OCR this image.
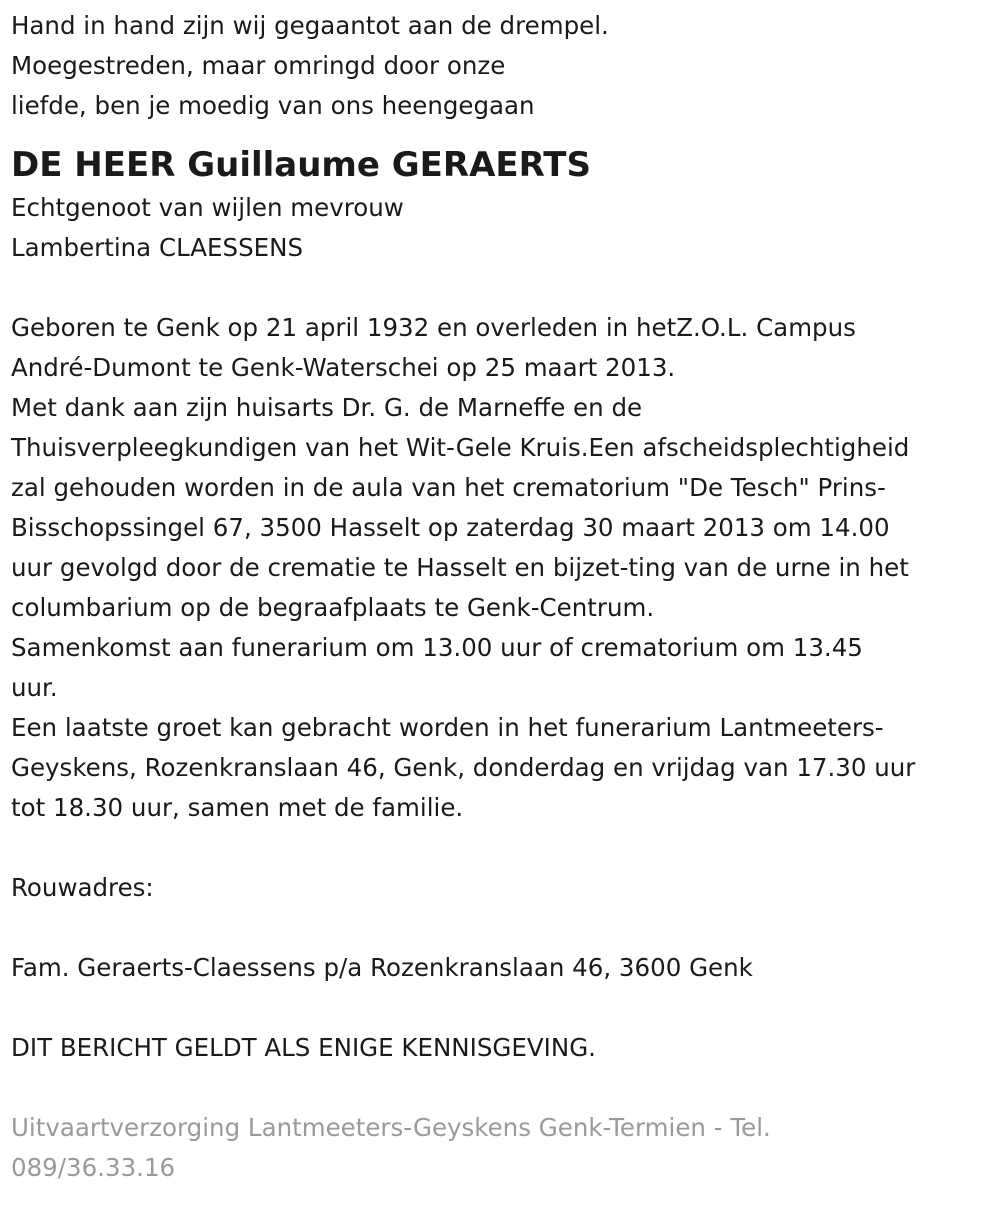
Hand in hand zijn wij gegaantot aan de drempel.
Moegestreden, maar omringd door onze
liefde, ben je moedig van ons heengegaan
DE HEER Guillaume GERAERTS
Echtgenoot van wijlen mevrouw
Lambertina CLAESSENS
Geboren te Genk op 21 april 1932 en overleden in hetZ.O.L. Campus
André-Dumont te Genk-Waterschei op 25 maart 2013.
Met dank aan zijn huisarts Dr. G. de Marneffe en de
Thuisverpleegkundigen van het Wit-Gele Kruis.Een afscheidsplechtigheid
zal gehouden worden in de aula van het crematorium "De Tesch" Prins-
Bisschopssingel 67, 3500 Hasselt op zaterdag 30 maart 2013 om 14.00
uur gevolgd door de crematie te Hasselt en bijzet-ting van de urne in het
columbarium op de begraafplaats te Genk-Centrum.
Samenkomst aan funerarium om 13.00 uur of crematorium om 13.45
uur.
Een laatste groet kan gebracht worden in het funerarium Lantmeeters-
Geyskens, Rozenkranslaan 46, Genk, donderdag en vrijdag van 17.30 uur
tot 18.30 uur, samen met de familie.
Rouwadres:
Fam. Geraerts-Claessens p/a Rozenkranslaan 46, 3600 Genk
DIT BERICHT GELDT ALS ENIGE KENNISGEVING.
Uitvaartverzorging Lantmeeters-Geyskens Genk-Termien - Tel.
089/36.33.16
